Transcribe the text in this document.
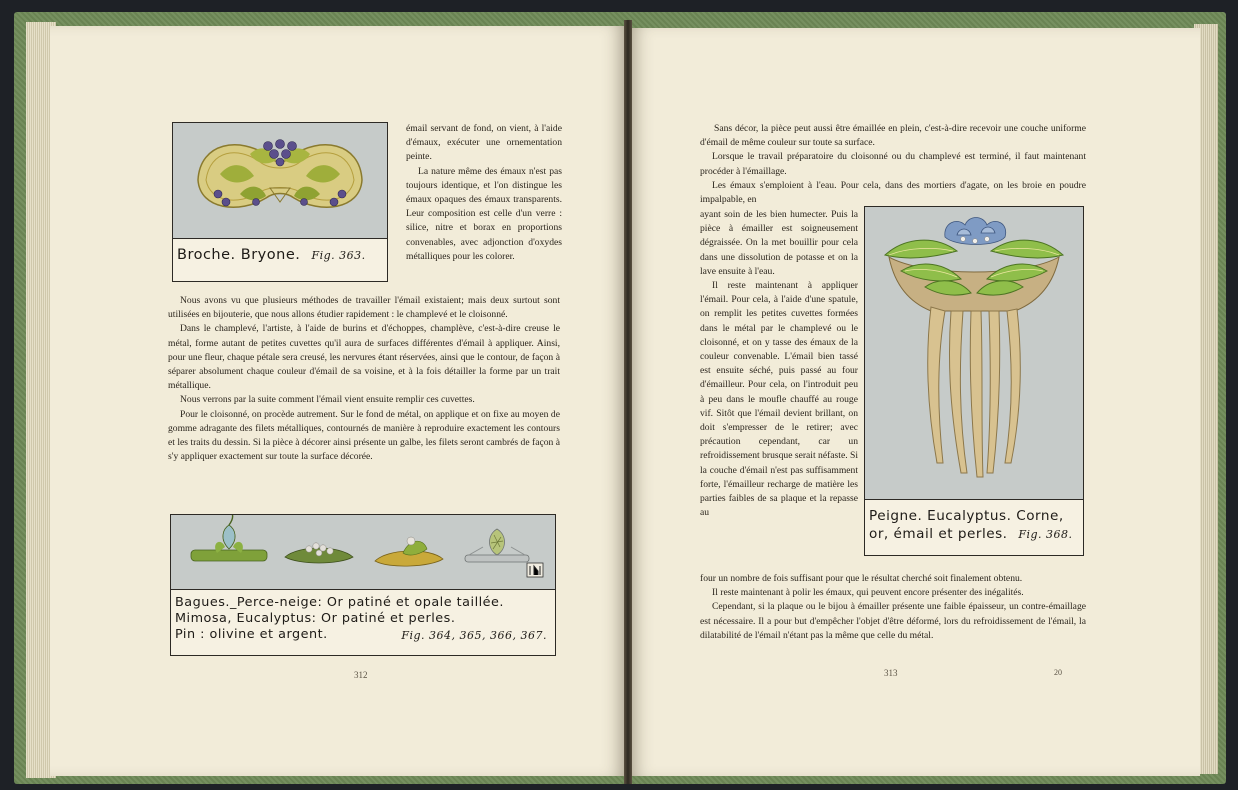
Broche. Bryone. Fig. 363.

émail servant de fond, on vient, à l'aide d'émaux, exécuter une ornementation peinte.

La nature même des émaux n'est pas toujours identique, et l'on distingue les émaux opaques des émaux transparents. Leur composition est celle d'un verre : silice, nitre et borax en proportions convenables, avec adjonction d'oxydes métalliques pour les colorer.

Nous avons vu que plusieurs méthodes de travailler l'émail existaient; mais deux surtout sont utilisées en bijouterie, que nous allons étudier rapidement : le champlevé et le cloisonné.

Dans le champlevé, l'artiste, à l'aide de burins et d'échoppes, champlève, c'est-à-dire creuse le métal, forme autant de petites cuvettes qu'il aura de surfaces différentes d'émail à appliquer. Ainsi, pour une fleur, chaque pétale sera creusé, les nervures étant réservées, ainsi que le contour, de façon à séparer absolument chaque couleur d'émail de sa voisine, et à la fois détailler la forme par un trait métallique.

Nous verrons par la suite comment l'émail vient ensuite remplir ces cuvettes.

Pour le cloisonné, on procède autrement. Sur le fond de métal, on applique et on fixe au moyen de gomme adragante des filets métalliques, contournés de manière à reproduire exactement les contours et les traits du dessin. Si la pièce à décorer ainsi présente un galbe, les filets seront cambrés de façon à s'y appliquer exactement sur toute la surface décorée.

Bagues._Perce-neige: Or patiné et opale taillée.
Mimosa, Eucalyptus: Or patiné et perles.
Pin : olivine et argent.	Fig. 364, 365, 366, 367.
312

Sans décor, la pièce peut aussi être émaillée en plein, c'est-à-dire recevoir une couche uniforme d'émail de même couleur sur toute sa surface.

Lorsque le travail préparatoire du cloisonné ou du champlevé est terminé, il faut maintenant procéder à l'émaillage.

Les émaux s'emploient à l'eau. Pour cela, dans des mortiers d'agate, on les broie en poudre impalpable, en

ayant soin de les bien humecter. Puis la pièce à émailler est soigneusement dégraissée. On la met bouillir pour cela dans une dissolution de potasse et on la lave ensuite à l'eau.

Il reste maintenant à appliquer l'émail. Pour cela, à l'aide d'une spatule, on remplit les petites cuvettes formées dans le métal par le champlevé ou le cloisonné, et on y tasse des émaux de la couleur convenable. L'émail bien tassé est ensuite séché, puis passé au four d'émailleur. Pour cela, on l'introduit peu à peu dans le moufle chauffé au rouge vif. Sitôt que l'émail devient brillant, on doit s'empresser de le retirer; avec précaution cependant, car un refroidissement brusque serait néfaste. Si la couche d'émail n'est pas suffisamment forte, l'émailleur recharge de matière les parties faibles de sa plaque et la repasse au	Peigne. Eucalyptus. Corne,
or, émail et perles. Fig. 368.

four un nombre de fois suffisant pour que le résultat cherché soit finalement obtenu.

Il reste maintenant à polir les émaux, qui peuvent encore présenter des inégalités.

Cependant, si la plaque ou le bijou à émailler présente une faible épaisseur, un contre-émaillage est nécessaire. Il a pour but d'empêcher l'objet d'être déformé, lors du refroidissement de l'émail, la dilatabilité de l'émail n'étant pas la même que celle du métal.

313	20
